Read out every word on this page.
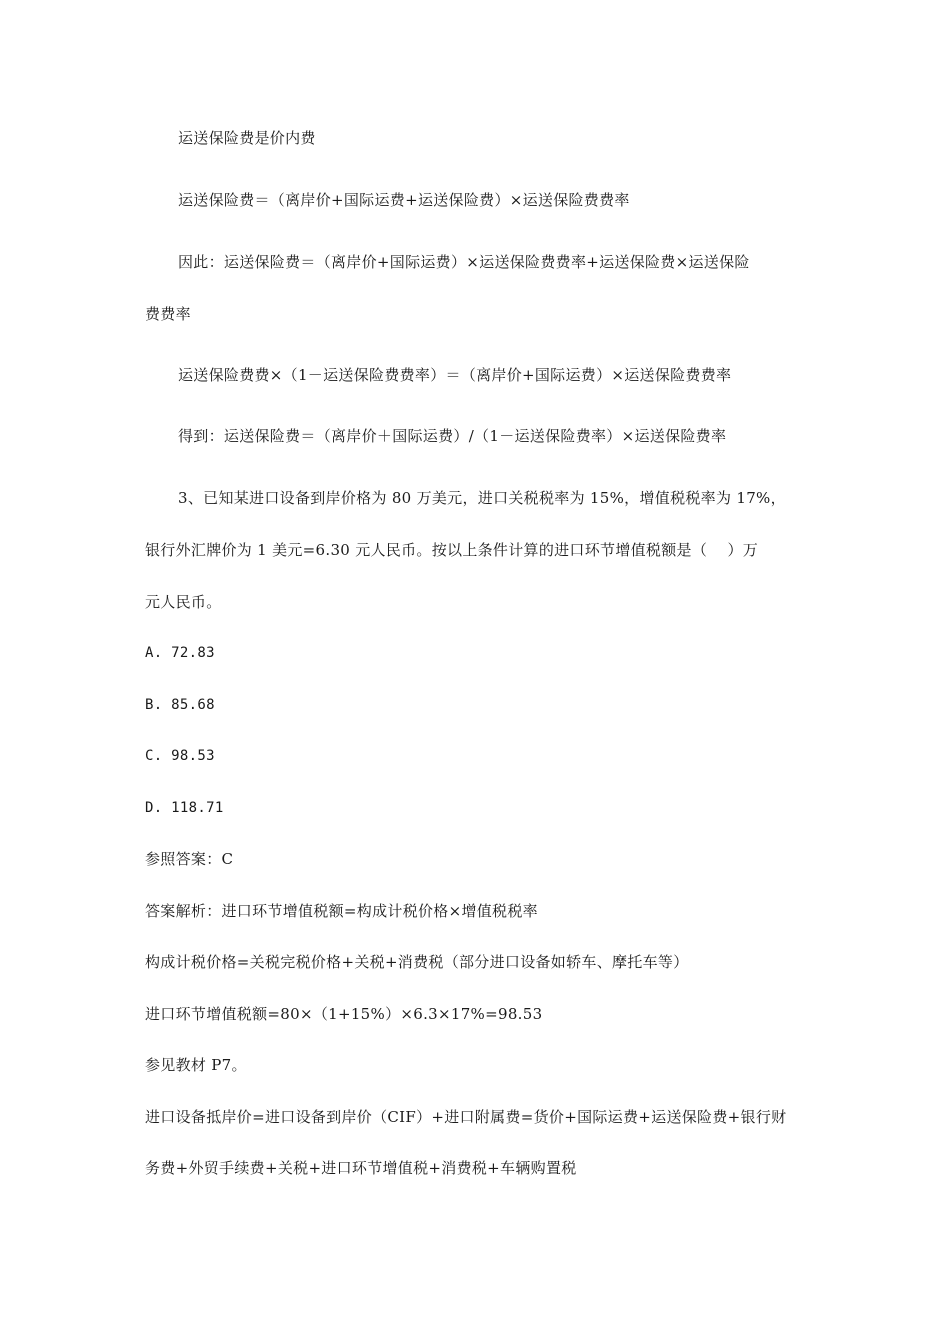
运送保险费是价内费
运送保险费＝（离岸价+国际运费+运送保险费）×运送保险费费率
因此：运送保险费＝（离岸价+国际运费）×运送保险费费率+运送保险费×运送保险
费费率
运送保险费费×（1－运送保险费费率）＝（离岸价+国际运费）×运送保险费费率
得到：运送保险费＝（离岸价＋国际运费）/（1－运送保险费率）×运送保险费率
3、已知某进口设备到岸价格为 80 万美元，进口关税税率为 15%，增值税税率为 17%，
银行外汇牌价为 1 美元=6.30 元人民币。按以上条件计算的进口环节增值税额是（　 ）万
元人民币。
A. 72.83
B. 85.68
C. 98.53
D. 118.71
参照答案：C
答案解析：进口环节增值税额=构成计税价格×增值税税率
构成计税价格=关税完税价格+关税+消费税（部分进口设备如轿车、摩托车等）
进口环节增值税额=80×（1+15%）×6.3×17%=98.53
参见教材 P7。
进口设备抵岸价=进口设备到岸价（CIF）+进口附属费=货价+国际运费+运送保险费+银行财
务费+外贸手续费+关税+进口环节增值税+消费税+车辆购置税
